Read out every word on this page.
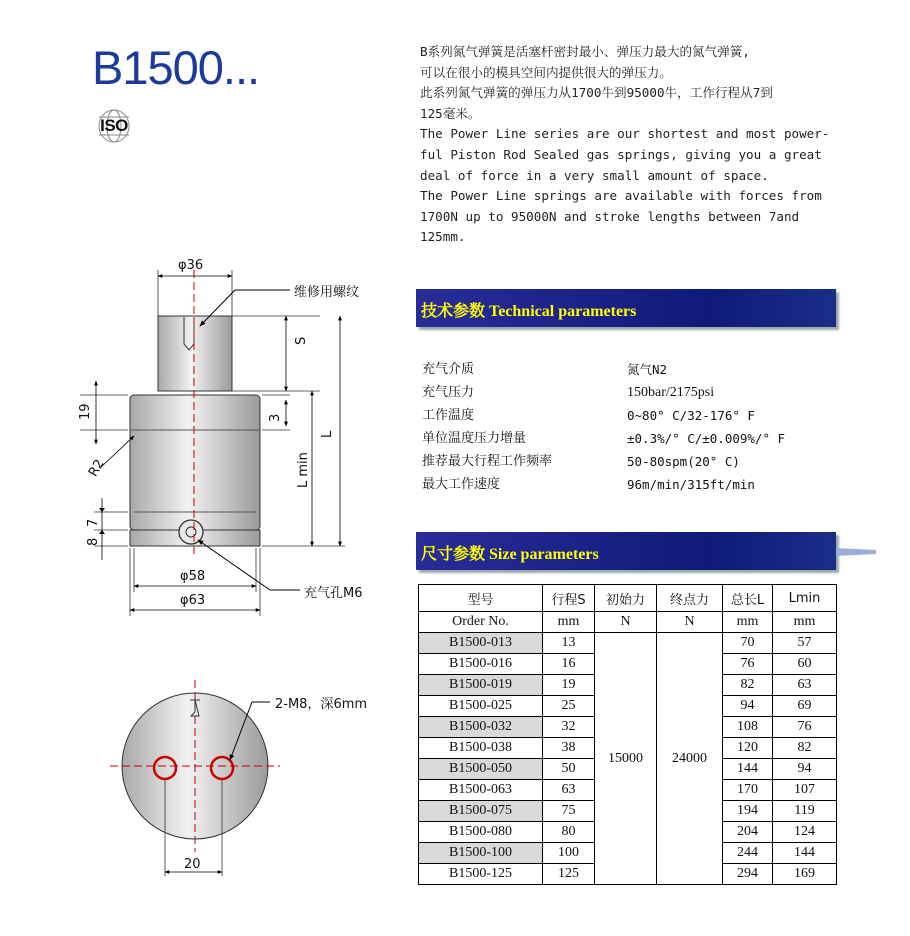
B1500...
ISO
B系列氮气弹簧是活塞杆密封最小、弹压力最大的氮气弹簧,
可以在很小的模具空间内提供很大的弹压力。
此系列氮气弹簧的弹压力从1700牛到95000牛，工作行程从7到
125毫米。
The Power Line series are our shortest and most power-
ful Piston Rod Sealed gas springs, giving you a great
deal of force in a very small amount of space.
The Power Line springs are available with forces from
1700N up to 95000N and stroke lengths between 7and
125mm.
技术参数 Technical parameters
充气介质	氮气N2
充气压力	150bar/2175psi
工作温度	0~80° C/32-176° F
单位温度压力增量	±0.3%/° C/±0.009%/° F
推荐最大行程工作频率	50-80spm(20° C)
最大工作速度	96m/min/315ft/min
尺寸参数 Size parameters
型号	行程S	初始力	终点力	总长L	Lmin
Order No.	mm	N	N	mm	mm
B1500-013	13	15000	24000	70	57
B1500-016	16			76	60
B1500-019	19			82	63
B1500-025	25			94	69
B1500-032	32			108	76
B1500-038	38			120	82
B1500-050	50			144	94
B1500-063	63			170	107
B1500-075	75			194	119
B1500-080	80			204	124
B1500-100	100			244	144
B1500-125	125			294	169
φ36
维修用螺纹
S
3
L
L min
19
R2
7
8
φ58
φ63	充气孔M6
2-M8，深6mm
20
